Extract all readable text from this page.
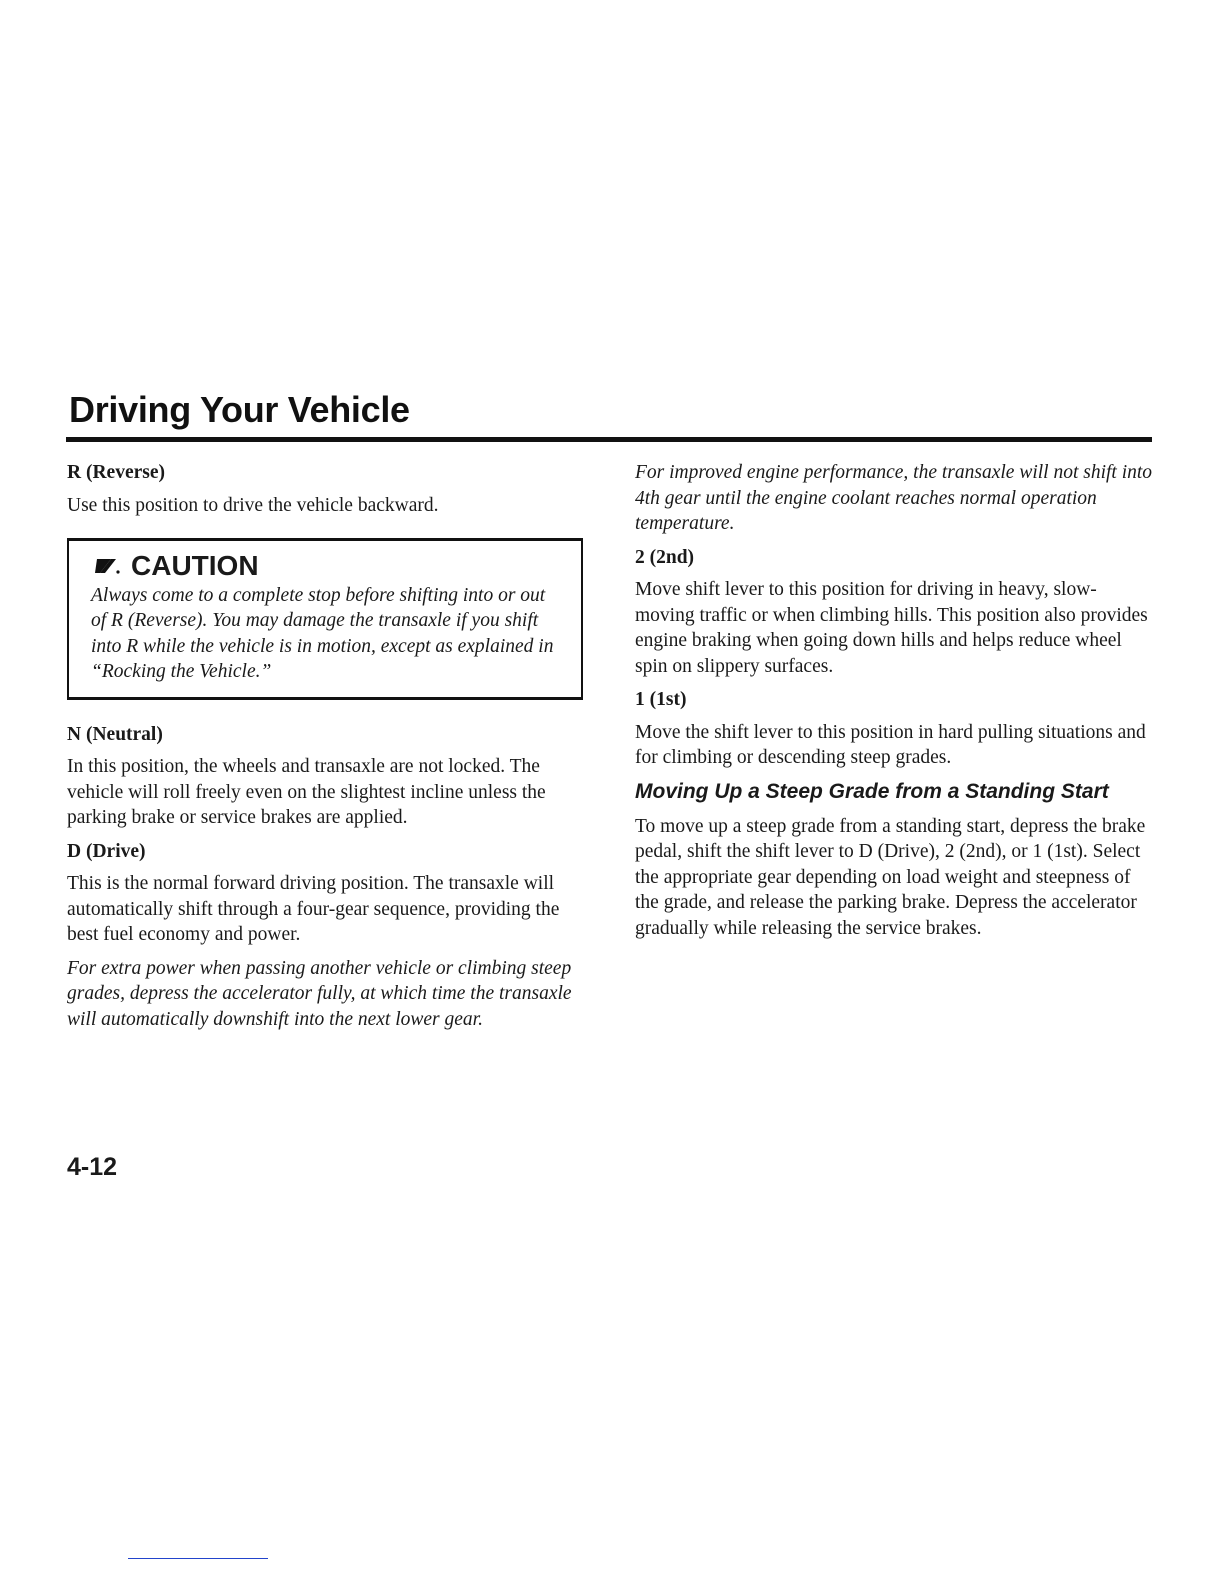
Driving Your Vehicle

R (Reverse)

Use this position to drive the vehicle backward.

CAUTION

Always come to a complete stop before shifting into or out of R (Reverse). You may damage the transaxle if you shift into R while the vehicle is in motion, except as explained in “Rocking the Vehicle.”

N (Neutral)

In this position, the wheels and transaxle are not locked. The vehicle will roll freely even on the slightest incline unless the parking brake or service brakes are applied.

D (Drive)

This is the normal forward driving position. The transaxle will automatically shift through a four-gear sequence, providing the best fuel economy and power.

For extra power when passing another vehicle or climbing steep grades, depress the accelerator fully, at which time the transaxle will automatically downshift into the next lower gear.

For improved engine performance, the transaxle will not shift into 4th gear until the engine coolant reaches normal operation temperature.

2 (2nd)

Move shift lever to this position for driving in heavy, slow-moving traffic or when climbing hills. This position also provides engine braking when going down hills and helps reduce wheel spin on slippery surfaces.

1 (1st)

Move the shift lever to this position in hard pulling situations and for climbing or descending steep grades.

Moving Up a Steep Grade from a Standing Start

To move up a steep grade from a standing start, depress the brake pedal, shift the shift lever to D (Drive), 2 (2nd), or 1 (1st). Select the appropriate gear depending on load weight and steepness of the grade, and release the parking brake. Depress the accelerator gradually while releasing the service brakes.

4-12
